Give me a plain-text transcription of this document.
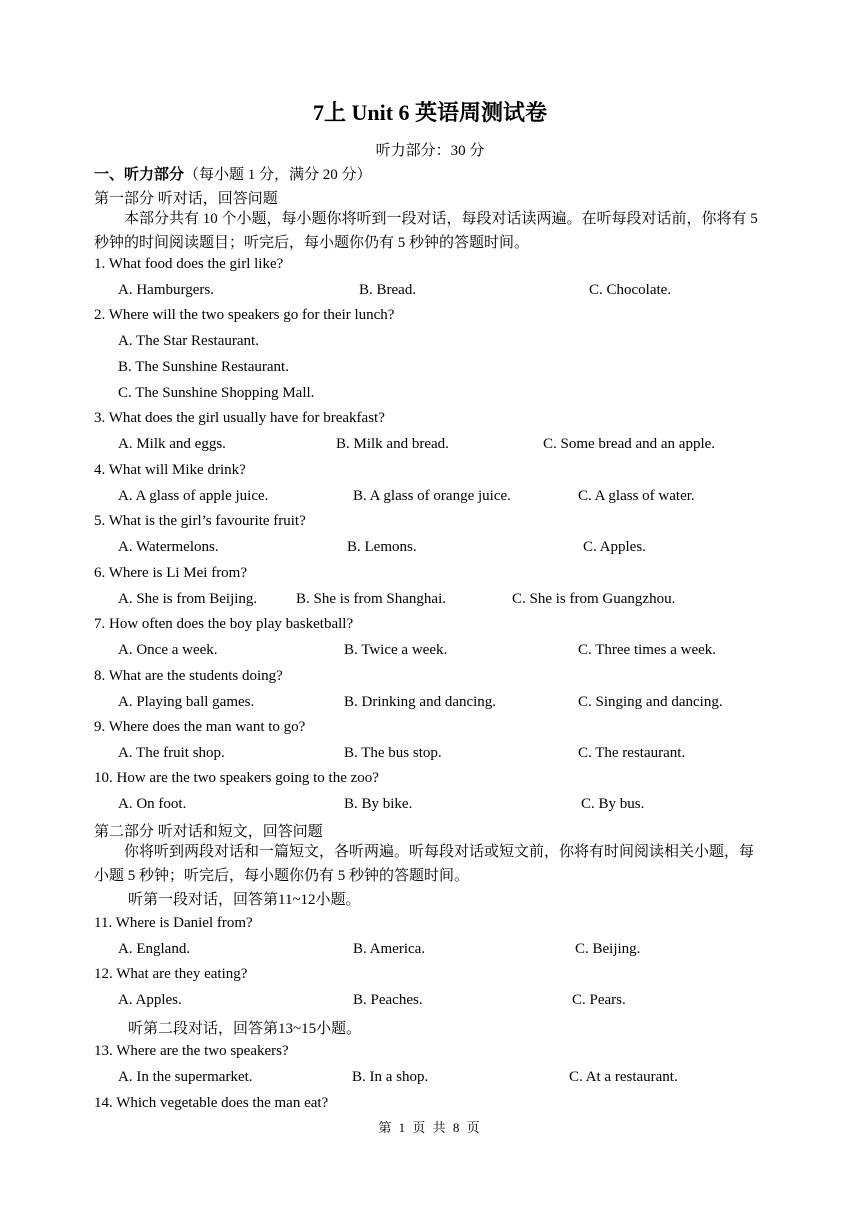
7上 Unit 6 英语周测试卷
听力部分：30 分
一、听力部分（每小题 1 分，满分 20 分）
第一部分 听对话，回答问题
本部分共有 10 个小题，每小题你将听到一段对话，每段对话读两遍。在听每段对话前，你将有 5 秒钟的时间阅读题目；听完后，每小题你仍有 5 秒钟的答题时间。
1. What food does the girl like?
A. Hamburgers.	B. Bread.	C. Chocolate.
2. Where will the two speakers go for their lunch?
A. The Star Restaurant.
B. The Sunshine Restaurant.
C. The Sunshine Shopping Mall.
3. What does the girl usually have for breakfast?
A. Milk and eggs.	B. Milk and bread.	C. Some bread and an apple.
4. What will Mike drink?
A. A glass of apple juice.	B. A glass of orange juice.	C. A glass of water.
5. What is the girl’s favourite fruit?
A. Watermelons.	B. Lemons.	C. Apples.
6. Where is Li Mei from?
A. She is from Beijing.	B. She is from Shanghai.	C. She is from Guangzhou.
7. How often does the boy play basketball?
A. Once a week.	B. Twice a week.	C. Three times a week.
8. What are the students doing?
A. Playing ball games.	B. Drinking and dancing.	C. Singing and dancing.
9. Where does the man want to go?
A. The fruit shop.	B. The bus stop.	C. The restaurant.
10. How are the two speakers going to the zoo?
A. On foot.	B. By bike.	C. By bus.
第二部分 听对话和短文，回答问题
你将听到两段对话和一篇短文，各听两遍。听每段对话或短文前，你将有时间阅读相关小题，每小题 5 秒钟；听完后，每小题你仍有 5 秒钟的答题时间。
听第一段对话，回答第11~12小题。
11. Where is Daniel from?
A. England.	B. America.	C. Beijing.
12. What are they eating?
A. Apples.	B. Peaches.	C. Pears.
听第二段对话，回答第13~15小题。
13. Where are the two speakers?
A. In the supermarket.	B. In a shop.	C. At a restaurant.
14. Which vegetable does the man eat?
第 1 页 共 8 页
